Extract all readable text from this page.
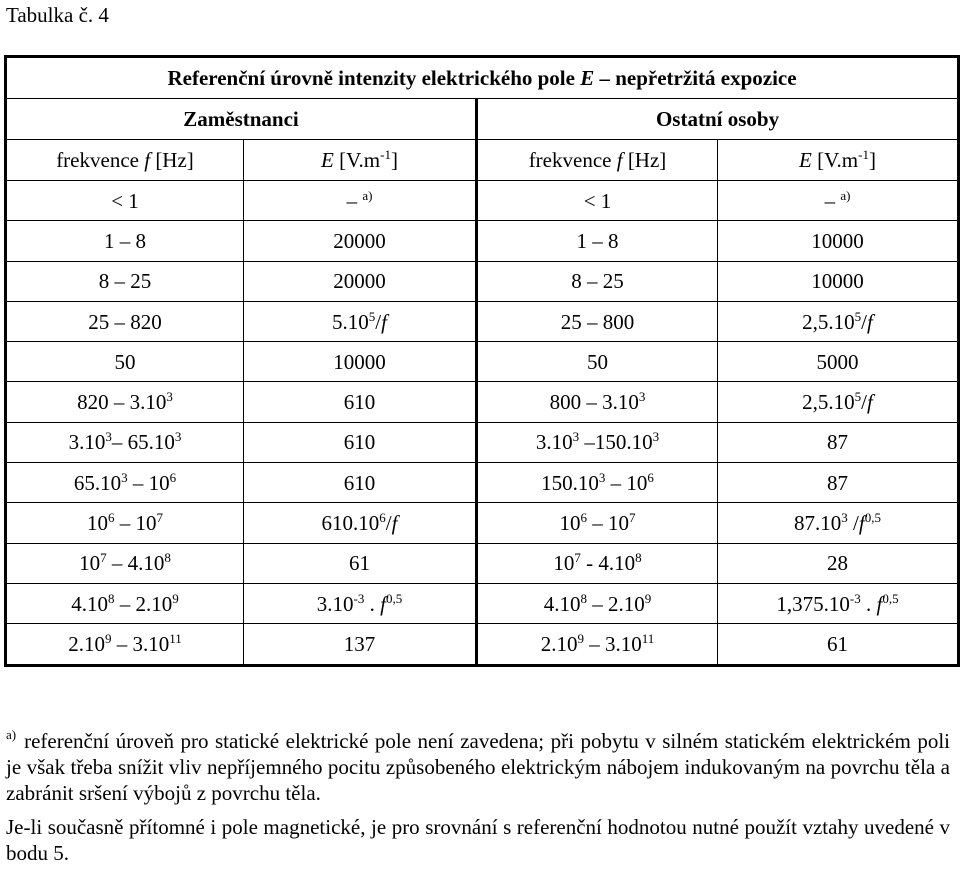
Tabulka č. 4
Referenční úrovně intenzity elektrického pole E – nepřetržitá expozice			
Zaměstnanci		Ostatní osoby	
frekvence f [Hz]	E $[V.m^{-1}]$	frekvence f [Hz]	E $[V.m^{-1}]$
< 1	– $^{a)}$	< 1	– $^{a)}$
1 – 8	20000	1 – 8	10000
8 – 25	20000	8 – 25	10000
25 – 820	5.10$^5$/f	25 – 800	2,5.10$^5$/f
50	10000	50	5000
820 – 3.10$^3$	610	800 – 3.10$^3$	2,5.10$^5$/f
3.10$^3$– 65.10$^3$	610	3.10$^3$ –150.10$^3$	87
$65.10^3 - 10^6$	610	$150.10^3 - 10^6$	87
$10^6 - 10^7$	610.10$^6$/f	$10^6 - 10^7$	87.10$^3$ $/f^{0,5}$
$10^7 - 4.10^8$	61	$10^7 - 4.10^8$	28
4.10$^8$ – 2.10$^9$	$3.10^{-3}$ . $f^{0,5}$	4.10$^8$ – 2.10$^9$	$1,375.10^{-3}$ . $f^{0,5}$
2.10$^9$ – 3.10$^{11}$	137	2.10$^9$ – 3.10$^{11}$	61

$^{a)}$ referenční úroveň pro statické elektrické pole není zavedena; při pobytu v silném statickém elektrickém poli je však třeba snížit vliv nepříjemného pocitu způsobeného elektrickým nábojem indukovaným na povrchu těla a zabránit sršení výbojů z povrchu těla.

Je-li současně přítomné i pole magnetické, je pro srovnání s referenční hodnotou nutné použít vztahy uvedené v bodu 5.
